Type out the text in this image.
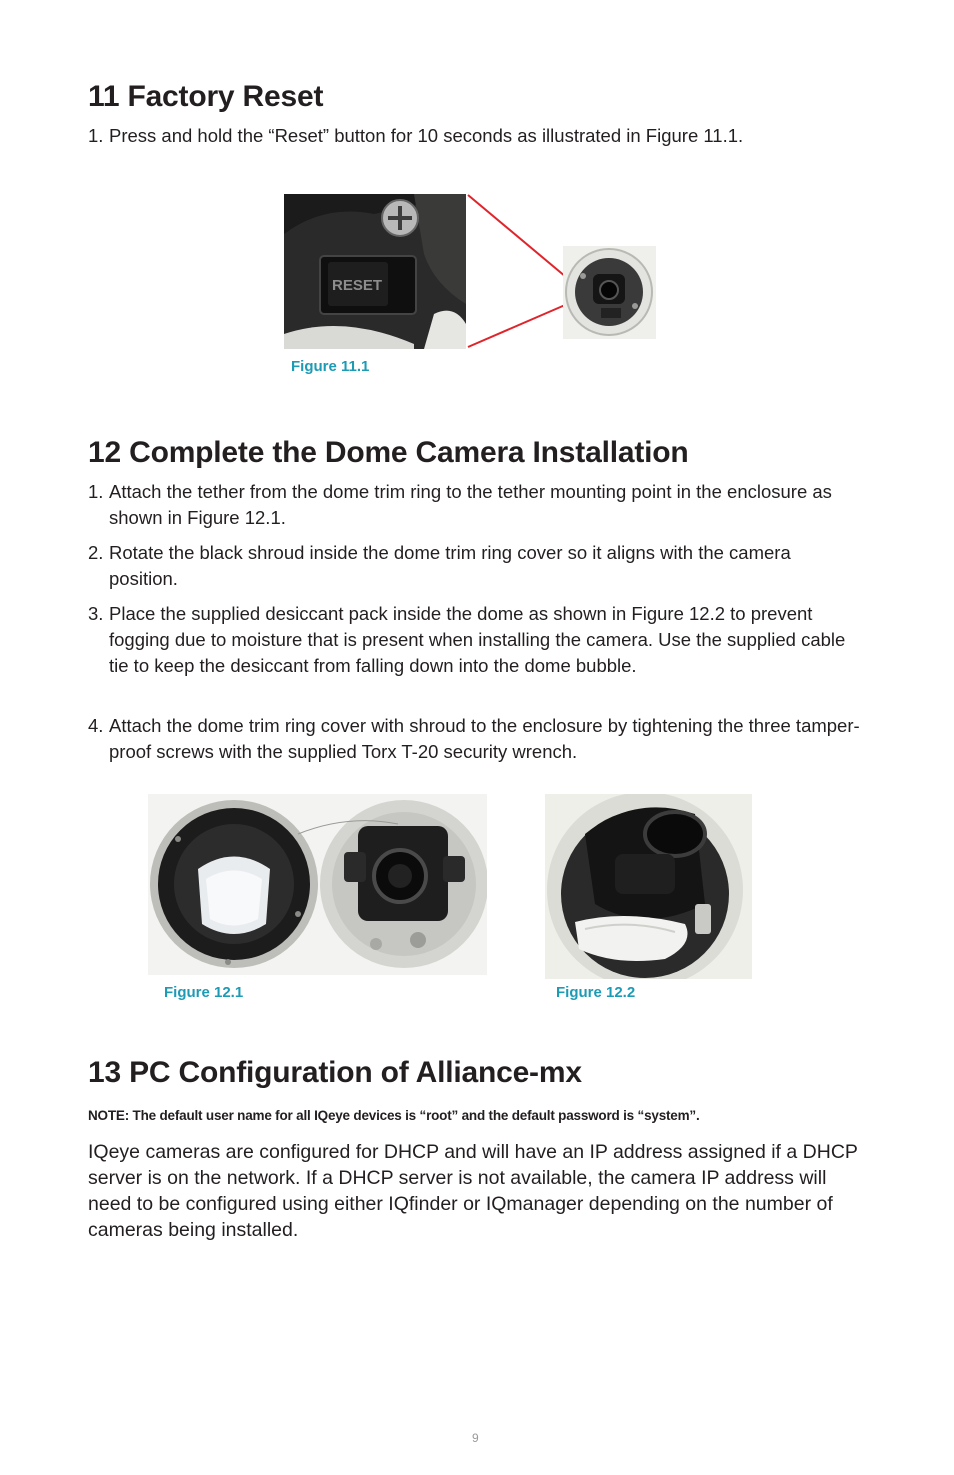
11 Factory Reset
1. Press and hold the “Reset” button for 10 seconds as illustrated in Figure 11.1.
RESET
Figure 11.1
12 Complete the Dome Camera Installation
1. Attach the tether from the dome trim ring to the tether mounting point in the enclosure as shown in Figure 12.1.
2. Rotate the black shroud inside the dome trim ring cover so it aligns with the camera position.
3. Place the supplied desiccant pack inside the dome as shown in Figure 12.2 to prevent fogging due to moisture that is present when installing the camera. Use the supplied cable tie to keep the desiccant from falling down into the dome bubble.
4. Attach the dome trim ring cover with shroud to the enclosure by tightening the three tamper-proof screws with the supplied Torx T-20 security wrench.
Figure 12.1	Figure 12.2
13 PC Configuration of Alliance-mx
NOTE: The default user name for all IQeye devices is “root” and the default password is “system”.
IQeye cameras are configured for DHCP and will have an IP address assigned if a DHCP server is on the network. If a DHCP server is not available, the camera IP address will need to be configured using either IQfinder or IQmanager depending on the number of cameras being installed.
9
